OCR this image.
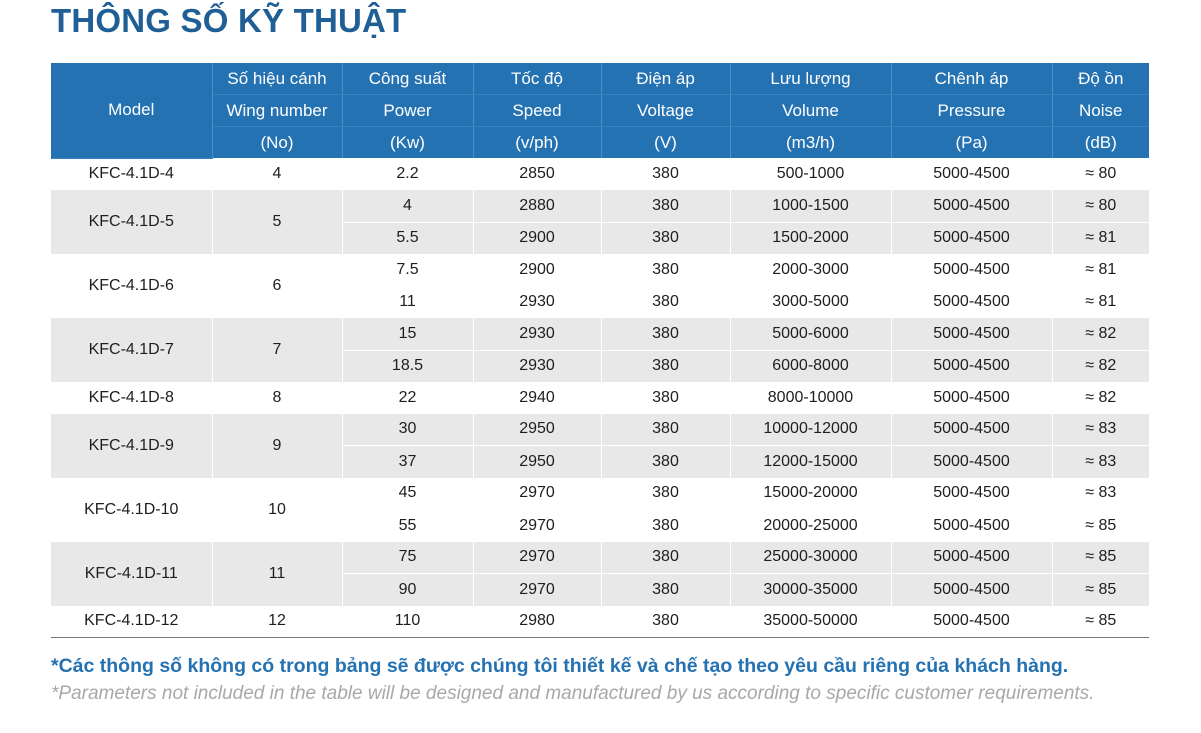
THÔNG SỐ KỸ THUẬT
Model	Số hiệu cánh	Công suất	Tốc độ	Điện áp	Lưu lượng	Chênh áp	Độ ồn
	Wing number	Power	Speed	Voltage	Volume	Pressure	Noise
	(No)	(Kw)	(v/ph)	(V)	(m3/h)	(Pa)	(dB)
KFC-4.1D-4	4	2.2	2850	380	500-1000	5000-4500	≈ 80
KFC-4.1D-5	5	4	2880	380	1000-1500	5000-4500	≈ 80
		5.5	2900	380	1500-2000	5000-4500	≈ 81
KFC-4.1D-6	6	7.5	2900	380	2000-3000	5000-4500	≈ 81
		11	2930	380	3000-5000	5000-4500	≈ 81
KFC-4.1D-7	7	15	2930	380	5000-6000	5000-4500	≈ 82
		18.5	2930	380	6000-8000	5000-4500	≈ 82
KFC-4.1D-8	8	22	2940	380	8000-10000	5000-4500	≈ 82
KFC-4.1D-9	9	30	2950	380	10000-12000	5000-4500	≈ 83
		37	2950	380	12000-15000	5000-4500	≈ 83
KFC-4.1D-10	10	45	2970	380	15000-20000	5000-4500	≈ 83
		55	2970	380	20000-25000	5000-4500	≈ 85
KFC-4.1D-11	11	75	2970	380	25000-30000	5000-4500	≈ 85
		90	2970	380	30000-35000	5000-4500	≈ 85
KFC-4.1D-12	12	110	2980	380	35000-50000	5000-4500	≈ 85

*Các thông số không có trong bảng sẽ được chúng tôi thiết kế và chế tạo theo yêu cầu riêng của khách hàng.

*Parameters not included in the table will be designed and manufactured by us according to specific customer requirements.
